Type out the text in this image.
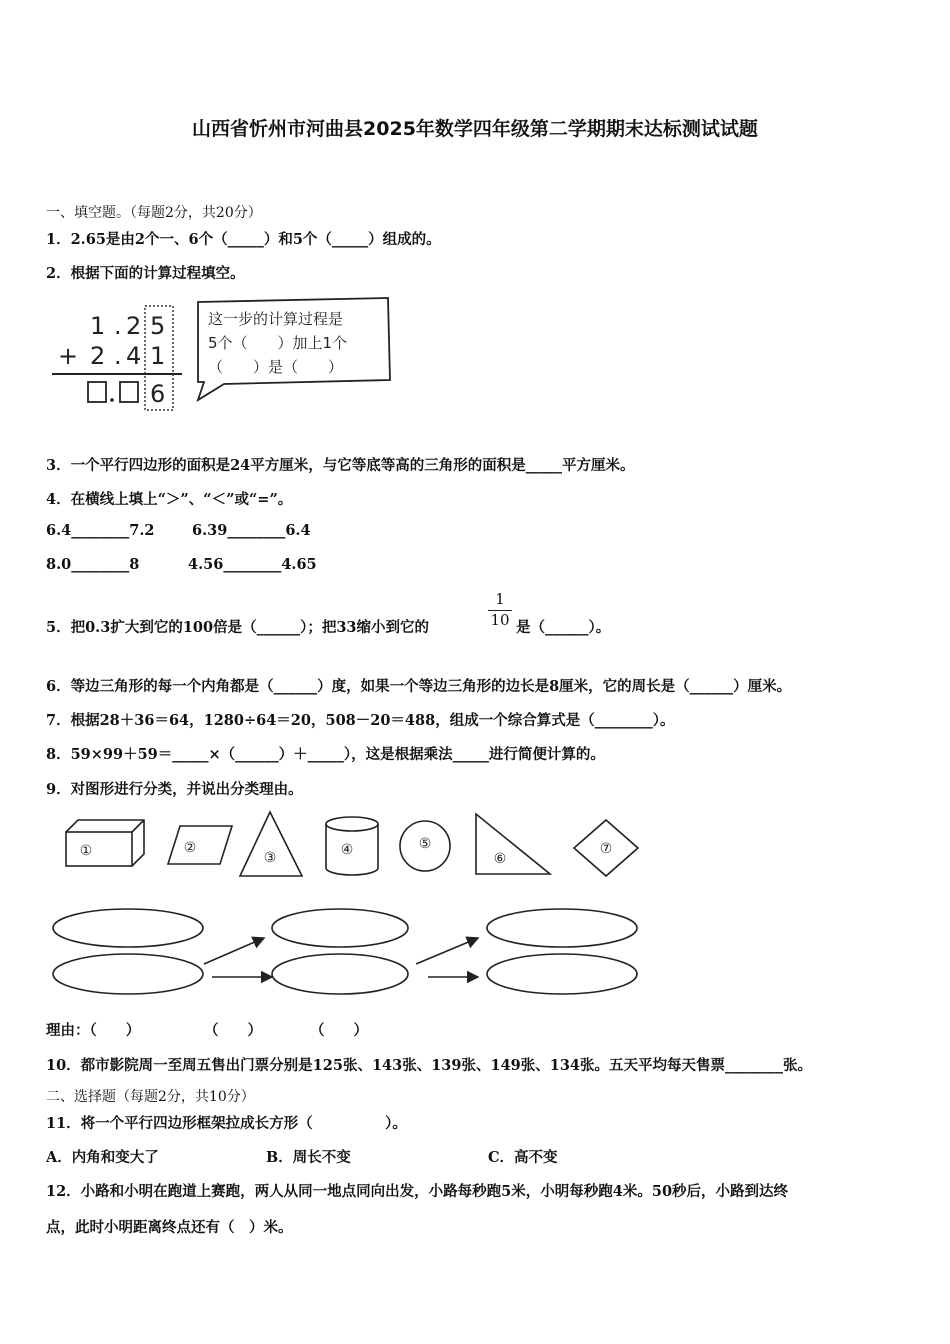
山西省忻州市河曲县2025年数学四年级第二学期期末达标测试试题
一、填空题。（每题2分，共20分）
1．2.65是由2个一、6个（_____）和5个（_____）组成的。
2．根据下面的计算过程填空。
1 . 2 5
+ 2 . 4 1
6
这一步的计算过程是
5个（　　）加上1个
（　　）是（　　）
3．一个平行四边形的面积是24平方厘米，与它等底等高的三角形的面积是_____平方厘米。
4．在横线上填上“＞”、“＜”或“=”。
6.4________7.2	6.39________6.4
8.0________8	4.56________4.65
5．把0.3扩大到它的100倍是（______）；把33缩小到它的
1
10 是（______）。
6．等边三角形的每一个内角都是（______）度，如果一个等边三角形的边长是8厘米，它的周长是（______）厘米。
7．根据28＋36＝64，1280÷64＝20，508－20＝488，组成一个综合算式是（________）。
8．59×99＋59＝_____×（______）＋_____），这是根据乘法_____进行简便计算的。
9．对图形进行分类，并说出分类理由。
①	②
③	④	⑤
⑥
⑦
理由：（　　）	（　　）	（　　）
10．都市影院周一至周五售出门票分别是125张、143张、139张、149张、134张。五天平均每天售票________张。
二、选择题（每题2分，共10分）
11．将一个平行四边形框架拉成长方形（　　　　　）。
A．内角和变大了	B．周长不变	C．高不变
12．小路和小明在跑道上赛跑，两人从同一地点同向出发，小路每秒跑5米，小明每秒跑4米。50秒后，小路到达终
点，此时小明距离终点还有（　）米。
